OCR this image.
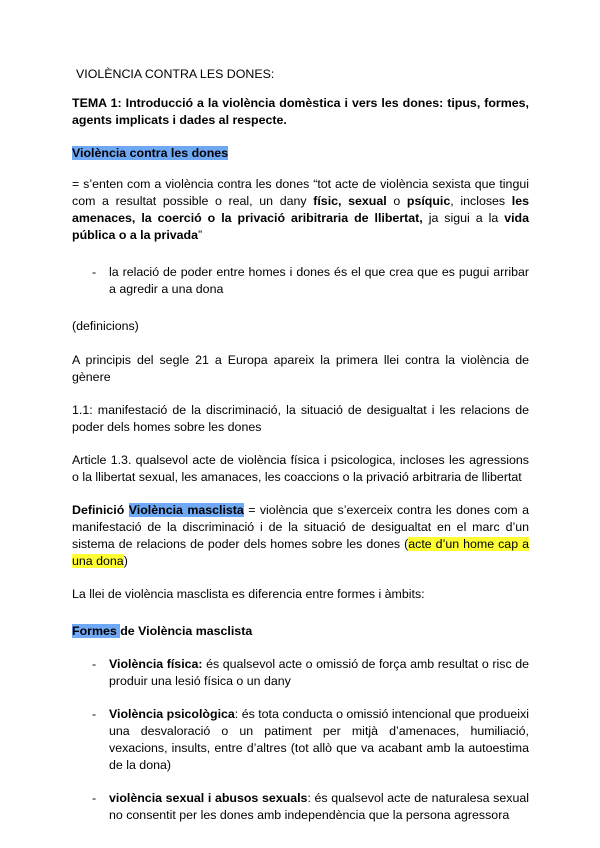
VIOLÈNCIA CONTRA LES DONES:

TEMA 1: Introducció a la violència domèstica i vers les dones: tipus, formes, agents implicats i dades al respecte.

Violència contra les dones

= s’enten com a violència contra les dones “tot acte de violència sexista que tingui com a resultat possible o real, un dany físic, sexual o psíquic, incloses les amenaces, la coerció o la privació aribitraria de llibertat, ja sigui a la vida pública o a la privada”

- la relació de poder entre homes i dones és el que crea que es pugui arribar a agredir a una dona

(definicions)

A principis del segle 21 a Europa apareix la primera llei contra la violència de gènere

1.1: manifestació de la discriminació, la situació de desigualtat i les relacions de poder dels homes sobre les dones

Article 1.3. qualsevol acte de violència física i psicologica, incloses les agressions o la llibertat sexual, les amanaces, les coaccions o la privació arbitraria de llibertat

Definició Violència masclista = violència que s’exerceix contra les dones com a manifestació de la discriminació i de la situació de desigualtat en el marc d’un sistema de relacions de poder dels homes sobre les dones (acte d’un home cap a una dona)

La llei de violència masclista es diferencia entre formes i àmbits:

Formes de Violència masclista

- Violència física: és qualsevol acte o omissió de força amb resultat o risc de produir una lesió física o un dany
- Violència psicològica: és tota conducta o omissió intencional que produeixi una desvaloració o un patiment per mitjà d’amenaces, humiliació, vexacions, insults, entre d’altres (tot allò que va acabant amb la autoestima de la dona)
- violència sexual i abusos sexuals: és qualsevol acte de naturalesa sexual no consentit per les dones amb independència que la persona agressora
